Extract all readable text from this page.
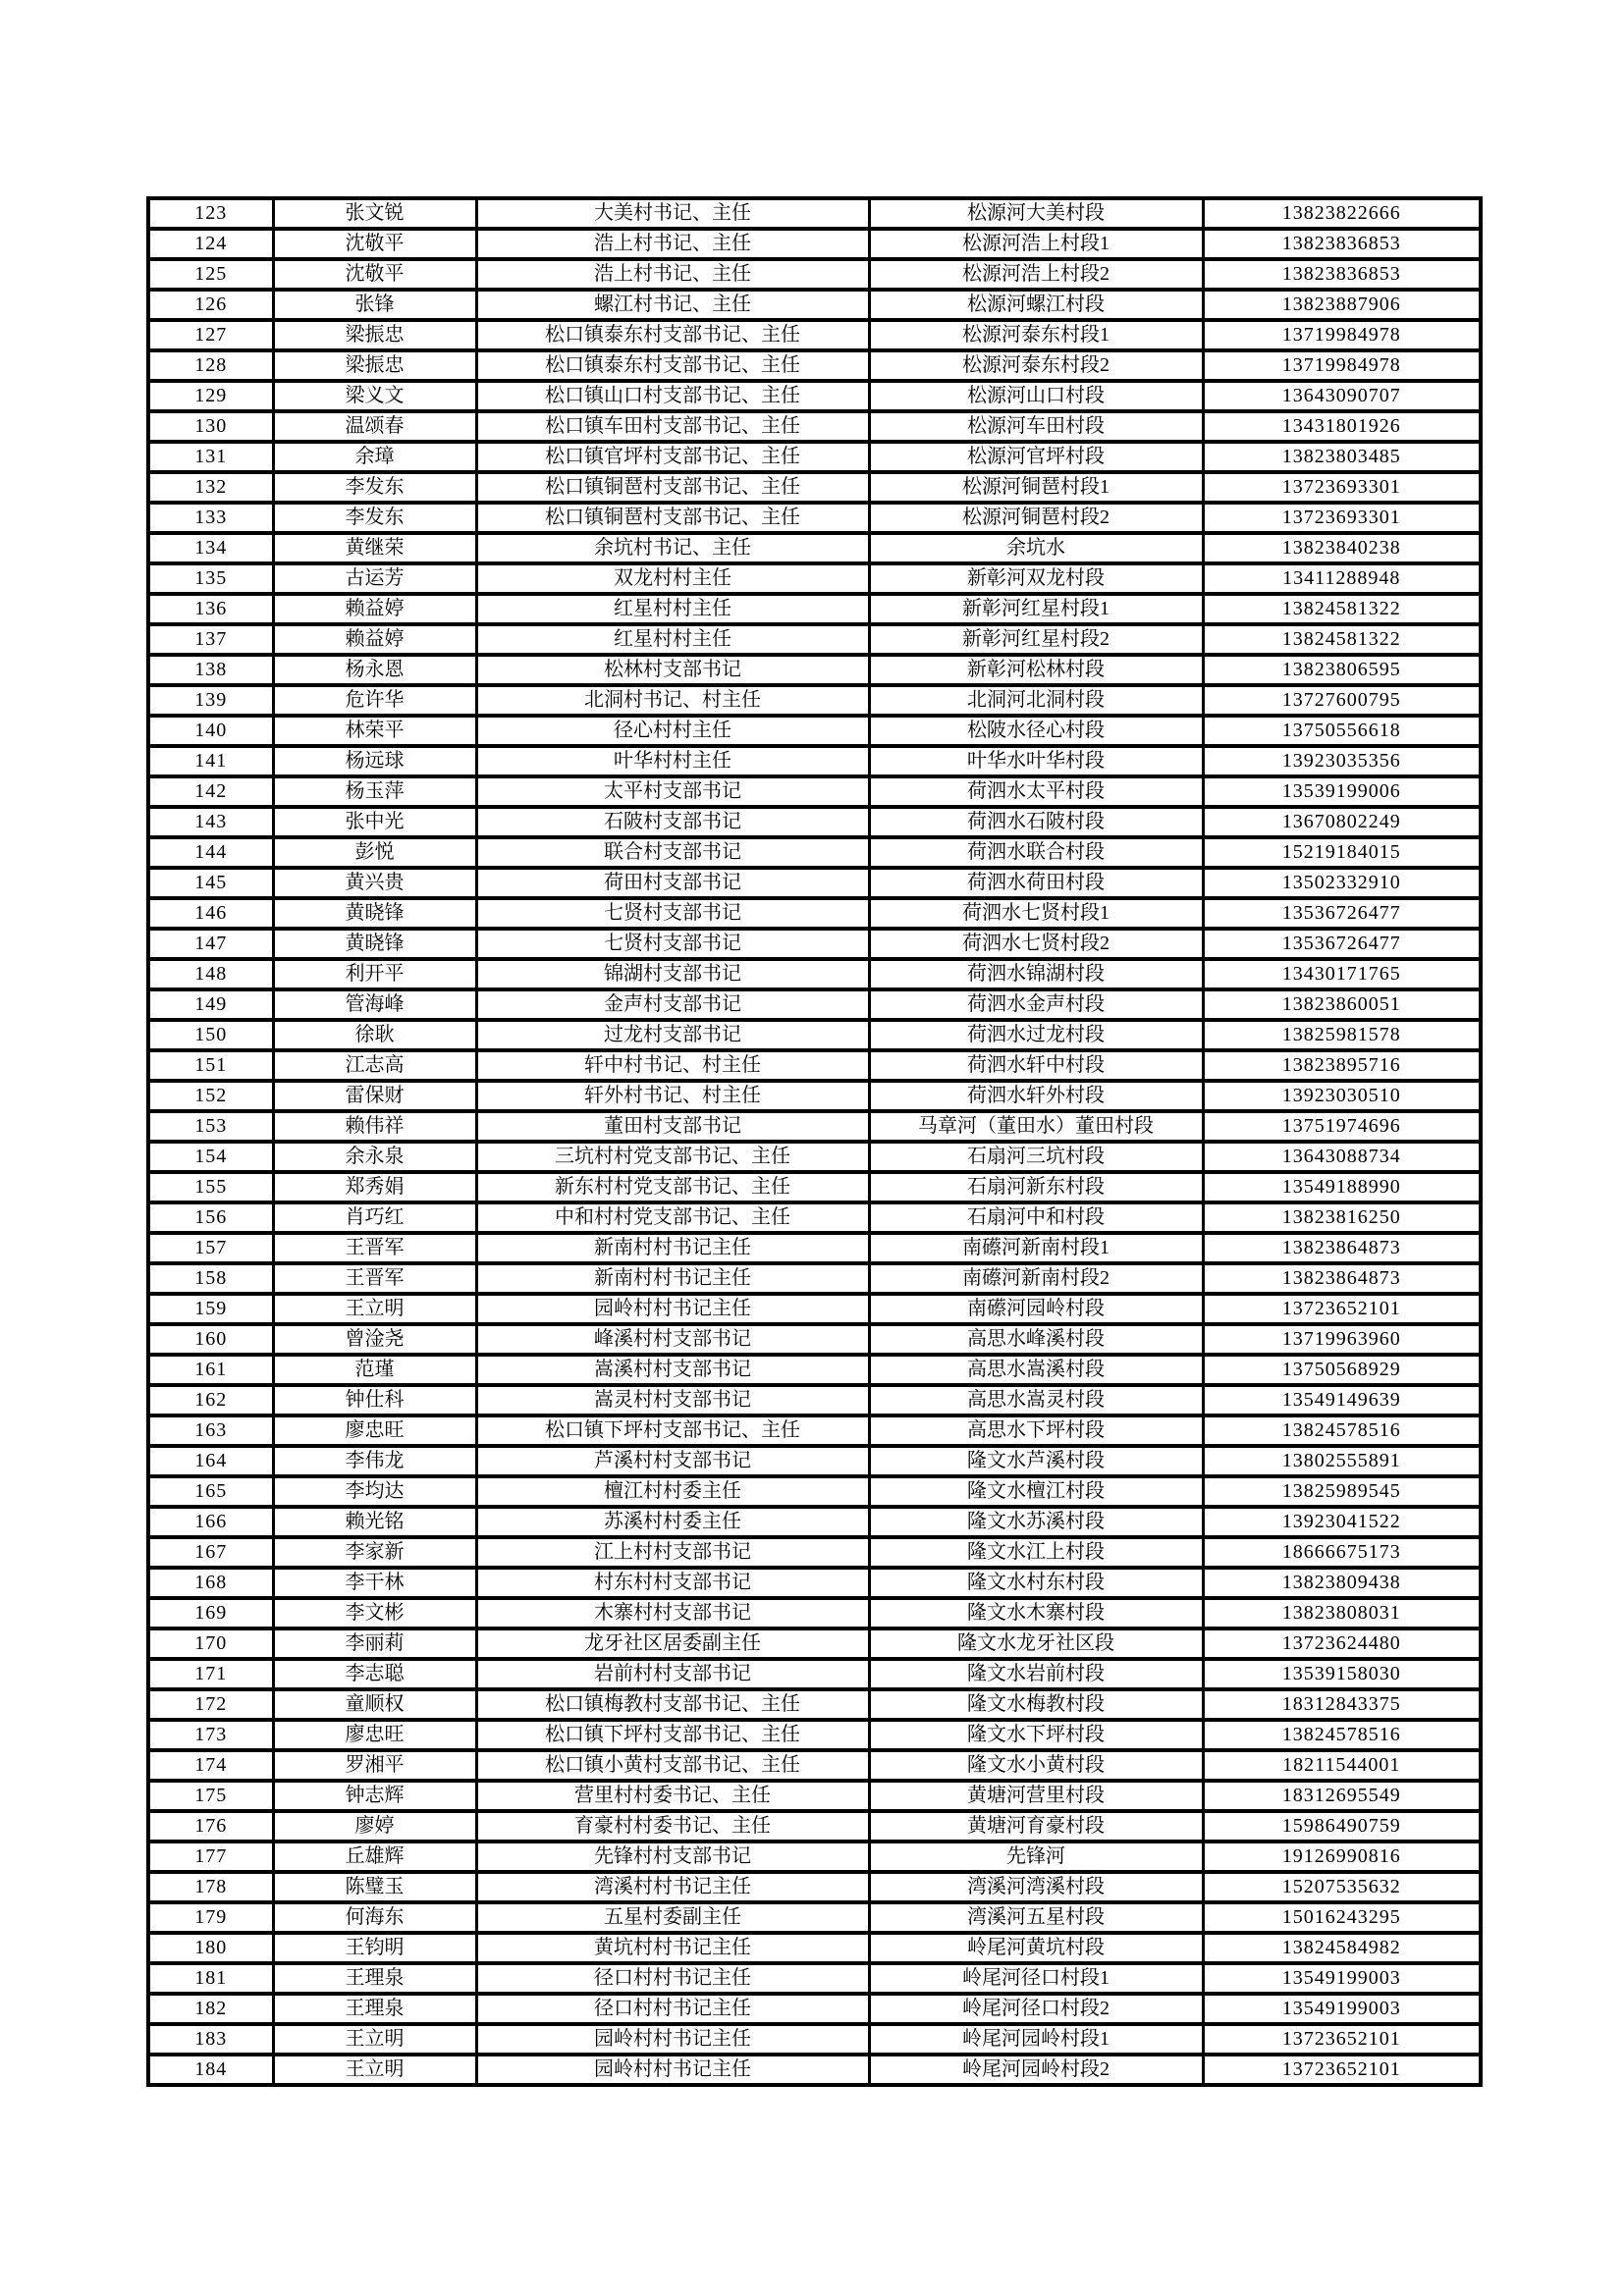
123	张文锐	大美村书记、主任	松源河大美村段	13823822666
124	沈敬平	浩上村书记、主任	松源河浩上村段1	13823836853
125	沈敬平	浩上村书记、主任	松源河浩上村段2	13823836853
126	张锋	螺江村书记、主任	松源河螺江村段	13823887906
127	梁振忠	松口镇泰东村支部书记、主任	松源河泰东村段1	13719984978
128	梁振忠	松口镇泰东村支部书记、主任	松源河泰东村段2	13719984978
129	梁义文	松口镇山口村支部书记、主任	松源河山口村段	13643090707
130	温颂春	松口镇车田村支部书记、主任	松源河车田村段	13431801926
131	余璋	松口镇官坪村支部书记、主任	松源河官坪村段	13823803485
132	李发东	松口镇铜琶村支部书记、主任	松源河铜琶村段1	13723693301
133	李发东	松口镇铜琶村支部书记、主任	松源河铜琶村段2	13723693301
134	黄继荣	余坑村书记、主任	余坑水	13823840238
135	古运芳	双龙村村主任	新彰河双龙村段	13411288948
136	赖益婷	红星村村主任	新彰河红星村段1	13824581322
137	赖益婷	红星村村主任	新彰河红星村段2	13824581322
138	杨永恩	松林村支部书记	新彰河松林村段	13823806595
139	危许华	北洞村书记、村主任	北洞河北洞村段	13727600795
140	林荣平	径心村村主任	松陂水径心村段	13750556618
141	杨远球	叶华村村主任	叶华水叶华村段	13923035356
142	杨玉萍	太平村支部书记	荷泗水太平村段	13539199006
143	张中光	石陂村支部书记	荷泗水石陂村段	13670802249
144	彭悦	联合村支部书记	荷泗水联合村段	15219184015
145	黄兴贵	荷田村支部书记	荷泗水荷田村段	13502332910
146	黄晓锋	七贤村支部书记	荷泗水七贤村段1	13536726477
147	黄晓锋	七贤村支部书记	荷泗水七贤村段2	13536726477
148	利开平	锦湖村支部书记	荷泗水锦湖村段	13430171765
149	管海峰	金声村支部书记	荷泗水金声村段	13823860051
150	徐耿	过龙村支部书记	荷泗水过龙村段	13825981578
151	江志高	轩中村书记、村主任	荷泗水轩中村段	13823895716
152	雷保财	轩外村书记、村主任	荷泗水轩外村段	13923030510
153	赖伟祥	董田村支部书记	马章河（董田水）董田村段	13751974696
154	余永泉	三坑村村党支部书记、主任	石扇河三坑村段	13643088734
155	郑秀娟	新东村村党支部书记、主任	石扇河新东村段	13549188990
156	肖巧红	中和村村党支部书记、主任	石扇河中和村段	13823816250
157	王晋军	新南村村书记主任	南礤河新南村段1	13823864873
158	王晋军	新南村村书记主任	南礤河新南村段2	13823864873
159	王立明	园岭村村书记主任	南礤河园岭村段	13723652101
160	曾淦尧	峰溪村村支部书记	高思水峰溪村段	13719963960
161	范瑾	嵩溪村村支部书记	高思水嵩溪村段	13750568929
162	钟仕科	嵩灵村村支部书记	高思水嵩灵村段	13549149639
163	廖忠旺	松口镇下坪村支部书记、主任	高思水下坪村段	13824578516
164	李伟龙	芦溪村村支部书记	隆文水芦溪村段	13802555891
165	李均达	檀江村村委主任	隆文水檀江村段	13825989545
166	赖光铭	苏溪村村委主任	隆文水苏溪村段	13923041522
167	李家新	江上村村支部书记	隆文水江上村段	18666675173
168	李干林	村东村村支部书记	隆文水村东村段	13823809438
169	李文彬	木寨村村支部书记	隆文水木寨村段	13823808031
170	李丽莉	龙牙社区居委副主任	隆文水龙牙社区段	13723624480
171	李志聪	岩前村村支部书记	隆文水岩前村段	13539158030
172	童顺权	松口镇梅教村支部书记、主任	隆文水梅教村段	18312843375
173	廖忠旺	松口镇下坪村支部书记、主任	隆文水下坪村段	13824578516
174	罗湘平	松口镇小黄村支部书记、主任	隆文水小黄村段	18211544001
175	钟志辉	营里村村委书记、主任	黄塘河营里村段	18312695549
176	廖婷	育豪村村委书记、主任	黄塘河育豪村段	15986490759
177	丘雄辉	先锋村村支部书记	先锋河	19126990816
178	陈璧玉	湾溪村村书记主任	湾溪河湾溪村段	15207535632
179	何海东	五星村委副主任	湾溪河五星村段	15016243295
180	王钧明	黄坑村村书记主任	岭尾河黄坑村段	13824584982
181	王理泉	径口村村书记主任	岭尾河径口村段1	13549199003
182	王理泉	径口村村书记主任	岭尾河径口村段2	13549199003
183	王立明	园岭村村书记主任	岭尾河园岭村段1	13723652101
184	王立明	园岭村村书记主任	岭尾河园岭村段2	13723652101
